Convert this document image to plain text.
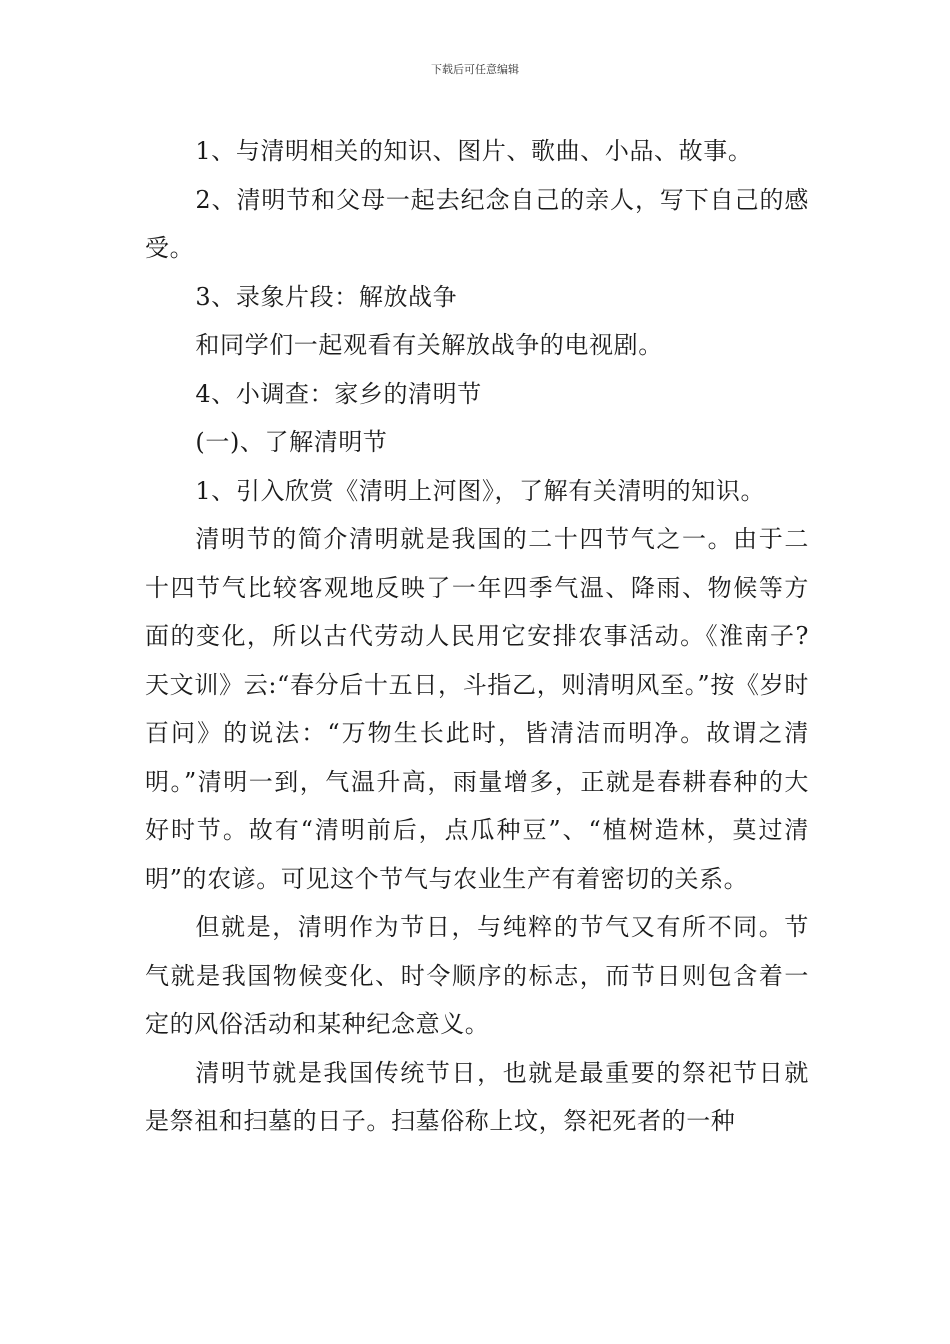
下载后可任意编辑

1、与清明相关的知识、图片、歌曲、小品、故事。

2、清明节和父母一起去纪念自己的亲人，写下自己的感受。

3、录象片段：解放战争

和同学们一起观看有关解放战争的电视剧。

4、小调查：家乡的清明节

(一)、了解清明节

1、引入欣赏《清明上河图》，了解有关清明的知识。

清明节的简介清明就是我国的二十四节气之一。由于二十四节气比较客观地反映了一年四季气温、降雨、物候等方面的变化，所以古代劳动人民用它安排农事活动。《淮南子?天文训》云:“春分后十五日，斗指乙，则清明风至。”按《岁时百问》的说法：“万物生长此时，皆清洁而明净。故谓之清明。”清明一到，气温升高，雨量增多，正就是春耕春种的大好时节。故有“清明前后，点瓜种豆”、“植树造林，莫过清明”的农谚。可见这个节气与农业生产有着密切的关系。

但就是，清明作为节日，与纯粹的节气又有所不同。节气就是我国物候变化、时令顺序的标志，而节日则包含着一定的风俗活动和某种纪念意义。

清明节就是我国传统节日，也就是最重要的祭祀节日就是祭祖和扫墓的日子。扫墓俗称上坟，祭祀死者的一种
